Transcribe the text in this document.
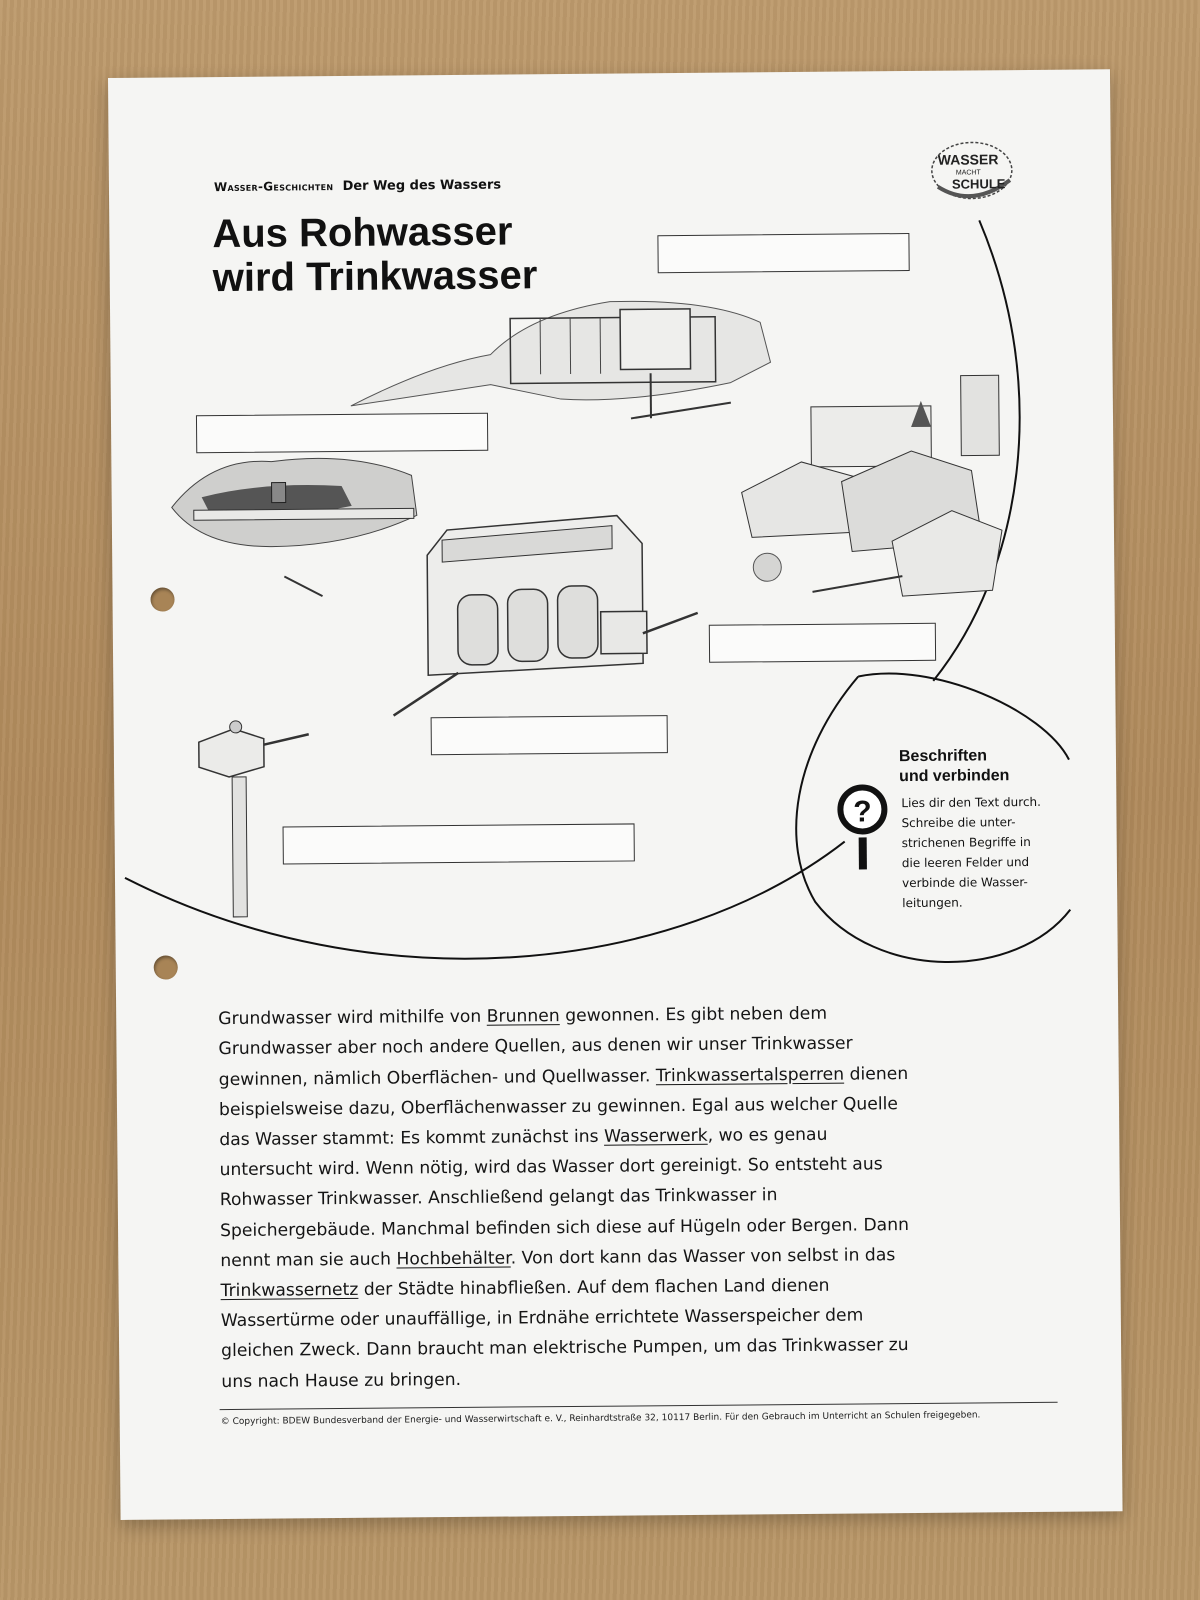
Wasser-Geschichten Der Weg des Wassers
Aus Rohwasser
wird Trinkwasser
WASSER
MACHT
SCHULE
?
Beschriften
und verbinden
Lies dir den Text durch.
Schreibe die unter-
strichenen Begriffe in
die leeren Felder und
verbinde die Wasser-
leitungen.

Grundwasser wird mithilfe von Brunnen gewonnen. Es gibt neben dem Grundwasser aber noch andere Quellen, aus denen wir unser Trinkwasser gewinnen, nämlich Oberflächen- und Quellwasser. Trinkwassertalsperren dienen beispielsweise dazu, Oberflächenwasser zu gewinnen. Egal aus welcher Quelle das Wasser stammt: Es kommt zunächst ins Wasserwerk, wo es genau untersucht wird. Wenn nötig, wird das Wasser dort gereinigt. So entsteht aus Rohwasser Trinkwasser. Anschließend gelangt das Trinkwasser in Speichergebäude. Manchmal befinden sich diese auf Hügeln oder Bergen. Dann nennt man sie auch Hochbehälter. Von dort kann das Wasser von selbst in das Trinkwassernetz der Städte hinabfließen. Auf dem flachen Land dienen Wassertürme oder unauffällige, in Erdnähe errichtete Wasserspeicher dem gleichen Zweck. Dann braucht man elektrische Pumpen, um das Trinkwasser zu uns nach Hause zu bringen.

© Copyright: BDEW Bundesverband der Energie- und Wasserwirtschaft e. V., Reinhardtstraße 32, 10117 Berlin. Für den Gebrauch im Unterricht an Schulen freigegeben.
